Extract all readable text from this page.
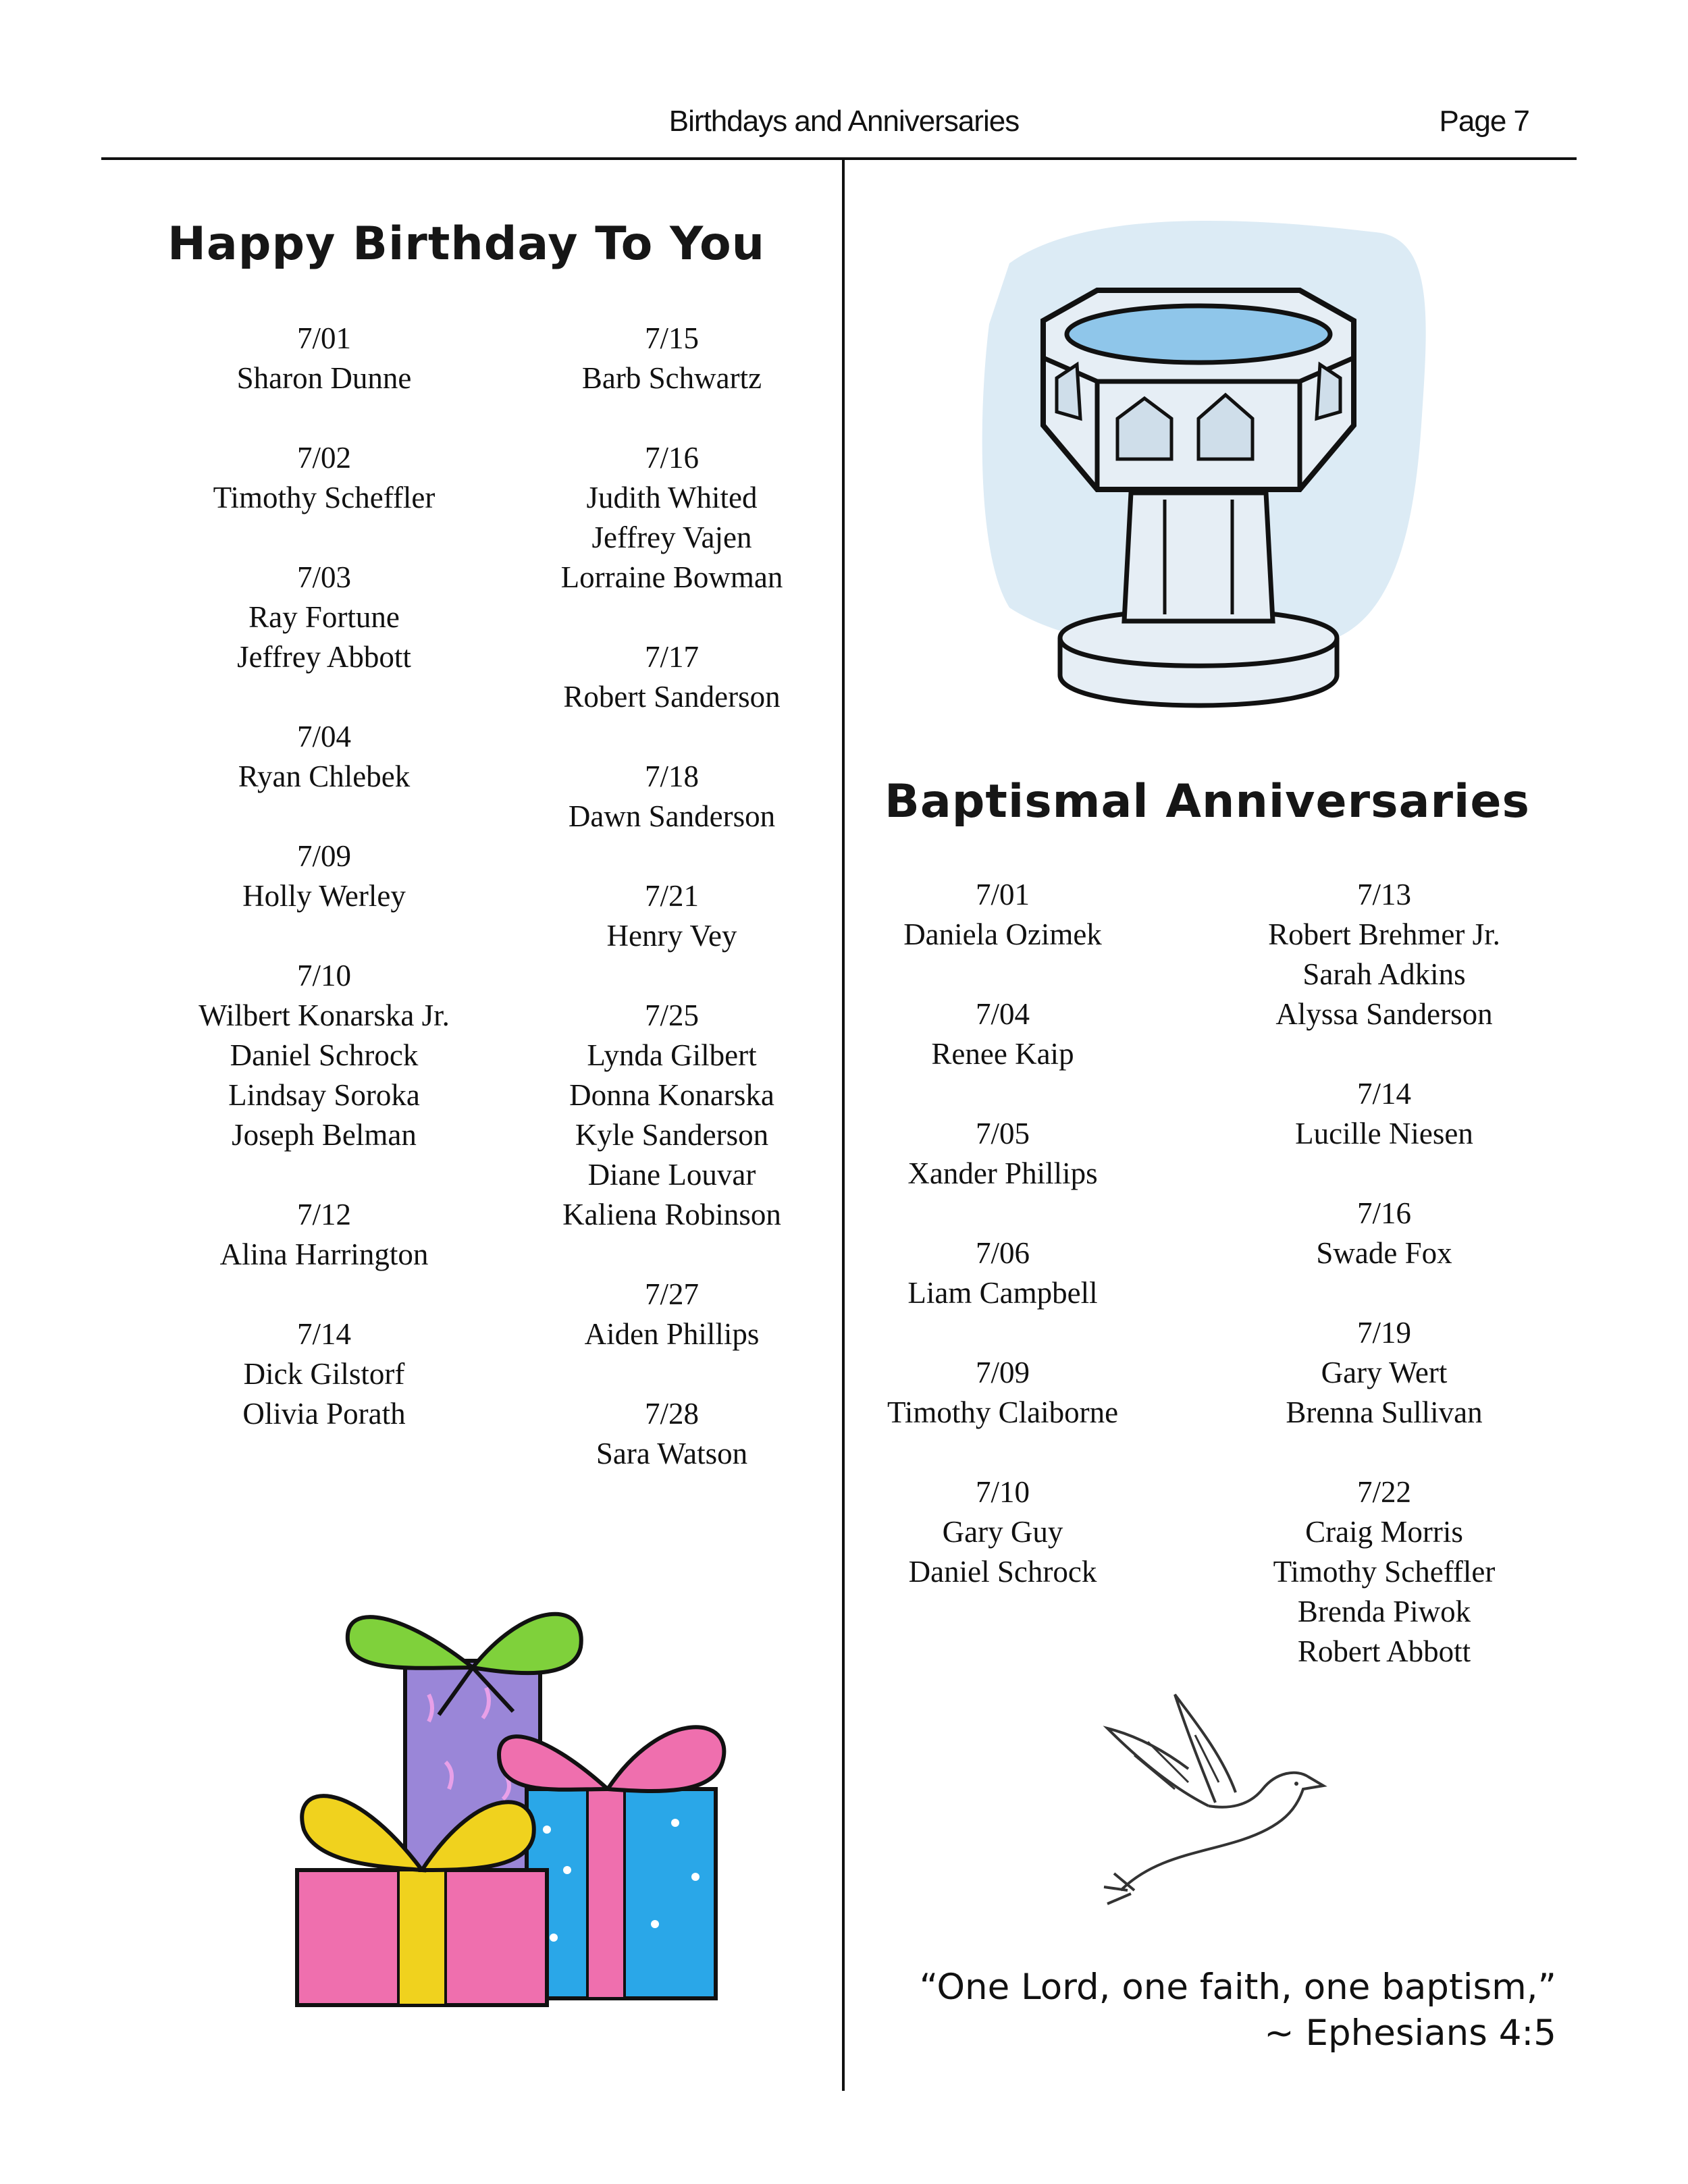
Birthdays and Anniversaries	Page 7
Happy Birthday To You
7/01
Sharon Dunne
7/02
Timothy Scheffler
7/03
Ray Fortune
Jeffrey Abbott
7/04
Ryan Chlebek
7/09
Holly Werley
7/10
Wilbert Konarska Jr.
Daniel Schrock
Lindsay Soroka
Joseph Belman
7/12
Alina Harrington
7/14
Dick Gilstorf
Olivia Porath
7/15
Barb Schwartz
7/16
Judith Whited
Jeffrey Vajen
Lorraine Bowman
7/17
Robert Sanderson
7/18
Dawn Sanderson
7/21
Henry Vey
7/25
Lynda Gilbert
Donna Konarska
Kyle Sanderson
Diane Louvar
Kaliena Robinson
7/27
Aiden Phillips
7/28
Sara Watson
Baptismal Anniversaries
7/01
Daniela Ozimek
7/04
Renee Kaip
7/05
Xander Phillips
7/06
Liam Campbell
7/09
Timothy Claiborne
7/10
Gary Guy
Daniel Schrock
7/13
Robert Brehmer Jr.
Sarah Adkins
Alyssa Sanderson
7/14
Lucille Niesen
7/16
Swade Fox
7/19
Gary Wert
Brenna Sullivan
7/22
Craig Morris
Timothy Scheffler
Brenda Piwok
Robert Abbott
“One Lord, one faith, one baptism,”
~ Ephesians 4:5
